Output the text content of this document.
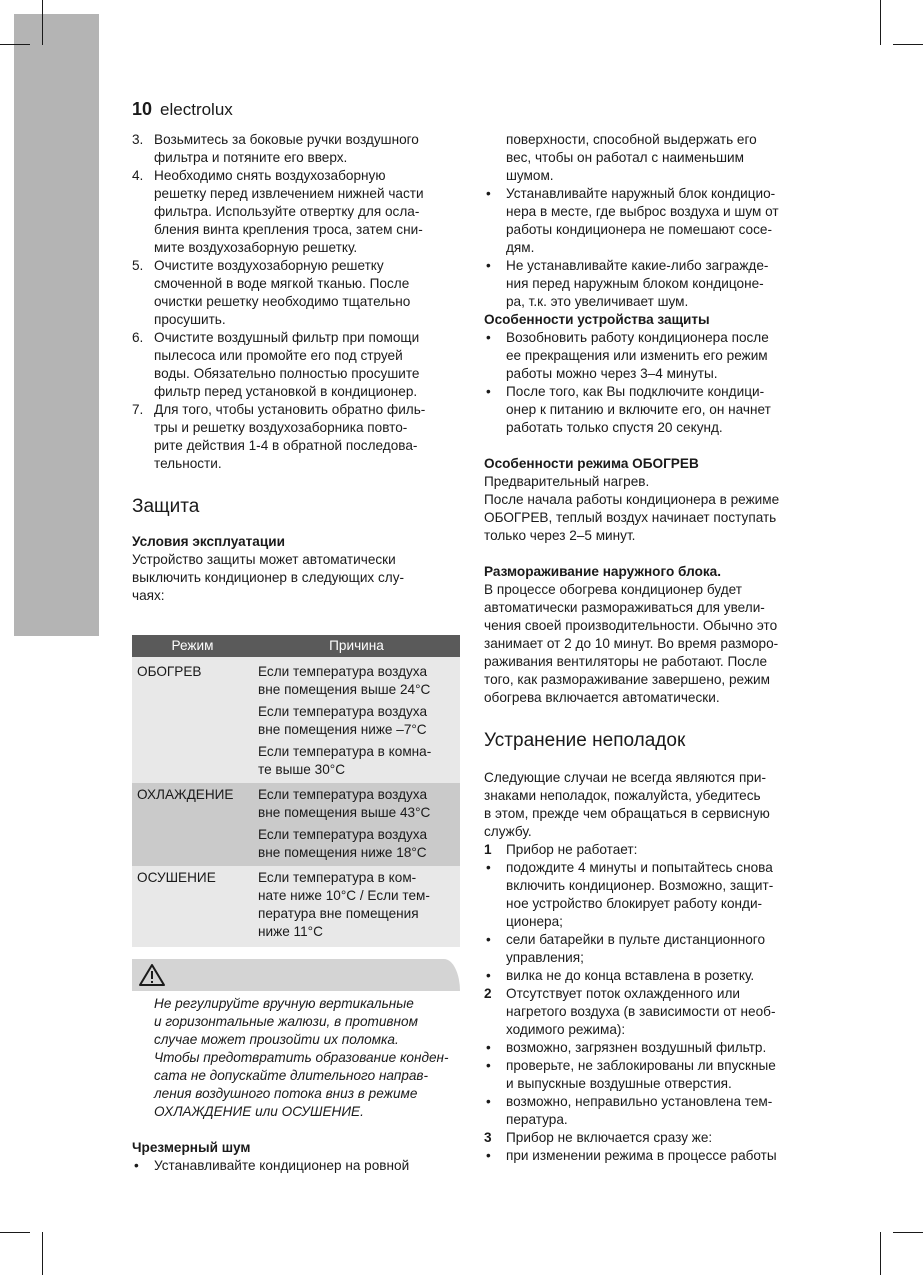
10 electrolux
3. Возьмитесь за боковые ручки воздушного
фильтра и потяните его вверх.
4. Необходимо снять воздухозаборную
решетку перед извлечением нижней части
фильтра. Используйте отвертку для осла-
бления винта крепления троса, затем сни-
мите воздухозаборную решетку.
5. Очистите воздухозаборную решетку
смоченной в воде мягкой тканью. После
очистки решетку необходимо тщательно
просушить.
6. Очистите воздушный фильтр при помощи
пылесоса или промойте его под струей
воды. Обязательно полностью просушите
фильтр перед установкой в кондиционер.
7. Для того, чтобы установить обратно филь-
тры и решетку воздухозаборника повто-
рите действия 1-4 в обратной последова-
тельности.
Защита
Условия эксплуатации
Устройство защиты может автоматически
выключить кондиционер в следующих слу-
чаях:
Режим	Причина
ОБОГРЕВ	Если температура воздуха
вне помещения выше 24°C

	Если температура воздуха
вне помещения ниже –7°C

	Если температура в комна-
те выше 30°C

ОХЛАЖДЕНИЕ	Если температура воздуха
вне помещения выше 43°C

	Если температура воздуха
вне помещения ниже 18°C

ОСУШЕНИЕ	Если температура в ком-
нате ниже 10°C / Если тем-
пература вне помещения
ниже 11°C
Не регулируйте вручную вертикальные
и горизонтальные жалюзи, в противном
случае может произойти их поломка.
Чтобы предотвратить образование конден-
сата не допускайте длительного направ-
ления воздушного потока вниз в режиме
ОХЛАЖДЕНИЕ или ОСУШЕНИЕ.
Чрезмерный шум
• Устанавливайте кондиционер на ровной
поверхности, способной выдержать его
вес, чтобы он работал с наименьшим
шумом.
• Устанавливайте наружный блок кондицио-
нера в месте, где выброс воздуха и шум от
работы кондиционера не помешают сосе-
дям.
• Не устанавливайте какие-либо загражде-
ния перед наружным блоком кондицоне-
ра, т.к. это увеличивает шум.
Особенности устройства защиты
• Возобновить работу кондиционера после
ее прекращения или изменить его режим
работы можно через 3–4 минуты.
• После того, как Вы подключите кондици-
онер к питанию и включите его, он начнет
работать только спустя 20 секунд.
Особенности режима ОБОГРЕВ
Предварительный нагрев.
После начала работы кондиционера в режиме
ОБОГРЕВ, теплый воздух начинает поступать
только через 2–5 минут.
Размораживание наружного блока.
В процессе обогрева кондиционер будет
автоматически размораживаться для увели-
чения своей производительности. Обычно это
занимает от 2 до 10 минут. Во время разморо-
раживания вентиляторы не работают. После
того, как размораживание завершено, режим
обогрева включается автоматически.
Устранение неполадок
Следующие случаи не всегда являются при-
знаками неполадок, пожалуйста, убедитесь
в этом, прежде чем обращаться в сервисную
службу.
1 Прибор не работает:
• подождите 4 минуты и попытайтесь снова
включить кондиционер. Возможно, защит-
ное устройство блокирует работу конди-
ционера;
• сели батарейки в пульте дистанционного
управления;
• вилка не до конца вставлена в розетку.
2 Отсутствует поток охлажденного или
нагретого воздуха (в зависимости от необ-
ходимого режима):
• возможно, загрязнен воздушный фильтр.
• проверьте, не заблокированы ли впускные
и выпускные воздушные отверстия.
• возможно, неправильно установлена тем-
пература.
3 Прибор не включается сразу же:
• при изменении режима в процессе работы
